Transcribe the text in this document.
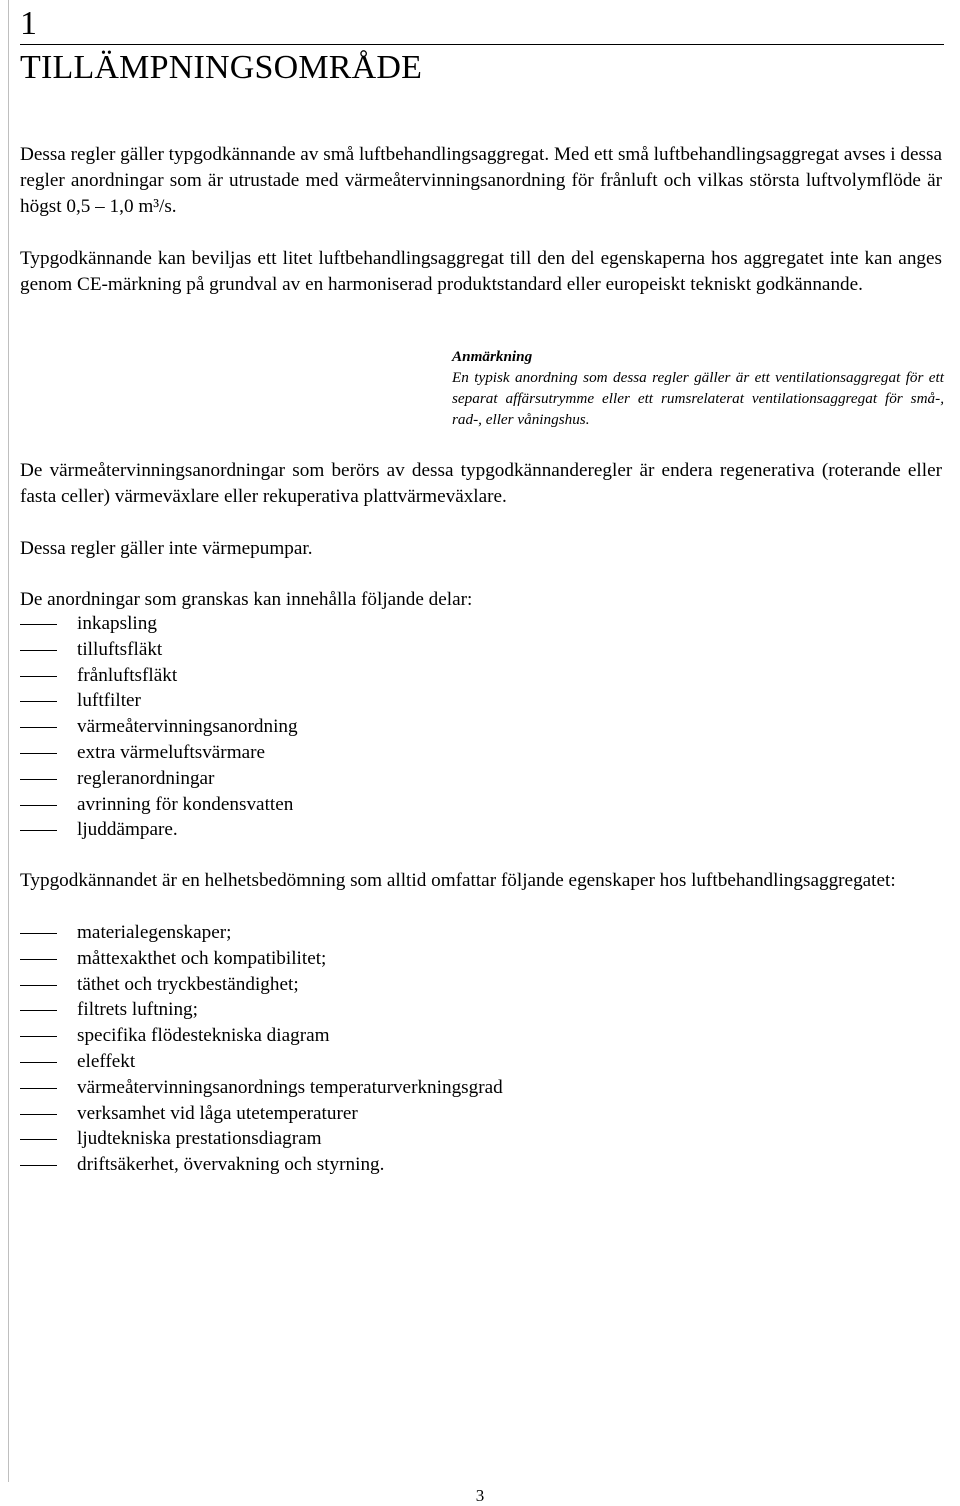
1
TILLÄMPNINGSOMRÅDE

Dessa regler gäller typgodkännande av små luftbehandlingsaggregat. Med ett små luftbehandlingsaggregat avses i dessa regler anordningar som är utrustade med värmeåtervinningsanordning för frånluft och vilkas största luftvolymflöde är högst 0,5 – 1,0 m³/s.

Typgodkännande kan beviljas ett litet luftbehandlingsaggregat till den del egenskaperna hos aggregatet inte kan anges genom CE-märkning på grundval av en harmoniserad produktstandard eller europeiskt tekniskt godkännande.

Anmärkning
En typisk anordning som dessa regler gäller är ett ventilationsaggregat för ett separat affärsutrymme eller ett rumsrelaterat ventilationsaggregat för små-, rad-, eller våningshus.

De värmeåtervinningsanordningar som berörs av dessa typgodkännanderegler är endera regenerativa (roterande eller fasta celler) värmeväxlare eller rekuperativa plattvärmeväxlare.

Dessa regler gäller inte värmepumpar.

De anordningar som granskas kan innehålla följande delar:

inkapsling
tilluftsfläkt
frånluftsfläkt
luftfilter
värmeåtervinningsanordning
extra värmeluftsvärmare
regleranordningar
avrinning för kondensvatten
ljuddämpare.

Typgodkännandet är en helhetsbedömning som alltid omfattar följande egenskaper hos luftbehandlingsaggregatet:

materialegenskaper;
måttexakthet och kompatibilitet;
täthet och tryckbeständighet;
filtrets luftning;
specifika flödestekniska diagram
eleffekt
värmeåtervinningsanordnings temperaturverkningsgrad
verksamhet vid låga utetemperaturer
ljudtekniska prestationsdiagram
driftsäkerhet, övervakning och styrning.
3
